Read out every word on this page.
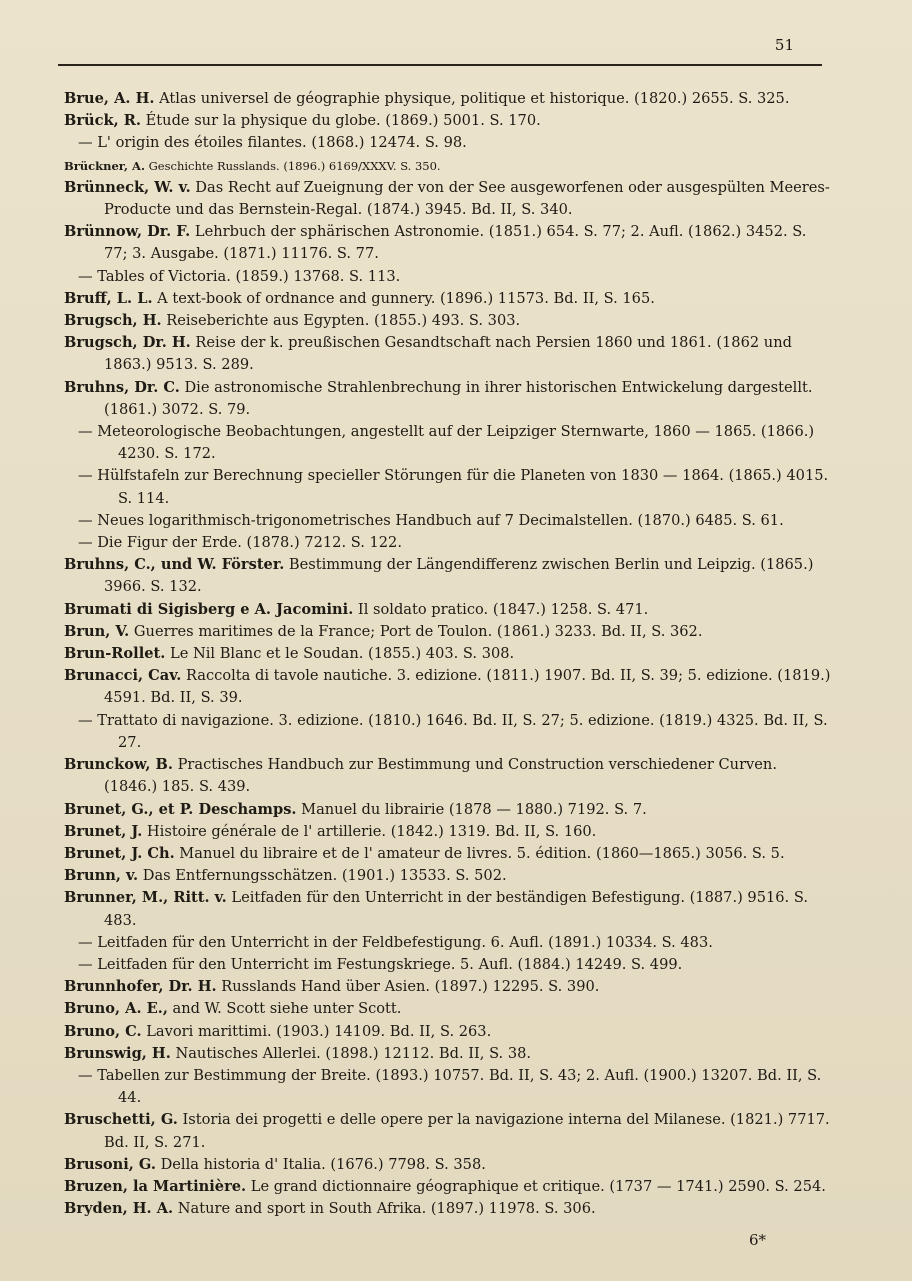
51
Brue, A. H. Atlas universel de géographie physique, politique et historique. (1820.) 2655. S. 325.
Brück, R. Étude sur la physique du globe. (1869.) 5001. S. 170.
— L' origin des étoiles filantes. (1868.) 12474. S. 98.
Brückner, A. Geschichte Russlands. (1896.) 6169/XXXV. S. 350.
Brünneck, W. v. Das Recht auf Zueignung der von der See ausgeworfenen oder ausgespülten Meeres-Producte und das Bernstein-Regal. (1874.) 3945. Bd. II, S. 340.
Brünnow, Dr. F. Lehrbuch der sphärischen Astronomie. (1851.) 654. S. 77; 2. Aufl. (1862.) 3452. S. 77; 3. Ausgabe. (1871.) 11176. S. 77.
— Tables of Victoria. (1859.) 13768. S. 113.
Bruff, L. L. A text-book of ordnance and gunnery. (1896.) 11573. Bd. II, S. 165.
Brugsch, H. Reiseberichte aus Egypten. (1855.) 493. S. 303.
Brugsch, Dr. H. Reise der k. preußischen Gesandtschaft nach Persien 1860 und 1861. (1862 und 1863.) 9513. S. 289.
Bruhns, Dr. C. Die astronomische Strahlenbrechung in ihrer historischen Entwickelung dargestellt. (1861.) 3072. S. 79.
— Meteorologische Beobachtungen, angestellt auf der Leipziger Sternwarte, 1860 — 1865. (1866.) 4230. S. 172.
— Hülfstafeln zur Berechnung specieller Störungen für die Planeten von 1830 — 1864. (1865.) 4015. S. 114.
— Neues logarithmisch-trigonometrisches Handbuch auf 7 Decimalstellen. (1870.) 6485. S. 61.
— Die Figur der Erde. (1878.) 7212. S. 122.
Bruhns, C., und W. Förster. Bestimmung der Längendifferenz zwischen Berlin und Leipzig. (1865.) 3966. S. 132.
Brumati di Sigisberg e A. Jacomini. Il soldato pratico. (1847.) 1258. S. 471.
Brun, V. Guerres maritimes de la France; Port de Toulon. (1861.) 3233. Bd. II, S. 362.
Brun-Rollet. Le Nil Blanc et le Soudan. (1855.) 403. S. 308.
Brunacci, Cav. Raccolta di tavole nautiche. 3. edizione. (1811.) 1907. Bd. II, S. 39; 5. edizione. (1819.) 4591. Bd. II, S. 39.
— Trattato di navigazione. 3. edizione. (1810.) 1646. Bd. II, S. 27; 5. edizione. (1819.) 4325. Bd. II, S. 27.
Brunckow, B. Practisches Handbuch zur Bestimmung und Construction verschiedener Curven. (1846.) 185. S. 439.
Brunet, G., et P. Deschamps. Manuel du librairie (1878 — 1880.) 7192. S. 7.
Brunet, J. Histoire générale de l' artillerie. (1842.) 1319. Bd. II, S. 160.
Brunet, J. Ch. Manuel du libraire et de l' amateur de livres. 5. édition. (1860—1865.) 3056. S. 5.
Brunn, v. Das Entfernungsschätzen. (1901.) 13533. S. 502.
Brunner, M., Ritt. v. Leitfaden für den Unterricht in der beständigen Befestigung. (1887.) 9516. S. 483.
— Leitfaden für den Unterricht in der Feldbefestigung. 6. Aufl. (1891.) 10334. S. 483.
— Leitfaden für den Unterricht im Festungskriege. 5. Aufl. (1884.) 14249. S. 499.
Brunnhofer, Dr. H. Russlands Hand über Asien. (1897.) 12295. S. 390.
Bruno, A. E., and W. Scott siehe unter Scott.
Bruno, C. Lavori marittimi. (1903.) 14109. Bd. II, S. 263.
Brunswig, H. Nautisches Allerlei. (1898.) 12112. Bd. II, S. 38.
— Tabellen zur Bestimmung der Breite. (1893.) 10757. Bd. II, S. 43; 2. Aufl. (1900.) 13207. Bd. II, S. 44.
Bruschetti, G. Istoria dei progetti e delle opere per la navigazione interna del Milanese. (1821.) 7717. Bd. II, S. 271.
Brusoni, G. Della historia d' Italia. (1676.) 7798. S. 358.
Bruzen, la Martinière. Le grand dictionnaire géographique et critique. (1737 — 1741.) 2590. S. 254.
Bryden, H. A. Nature and sport in South Afrika. (1897.) 11978. S. 306.
6*
